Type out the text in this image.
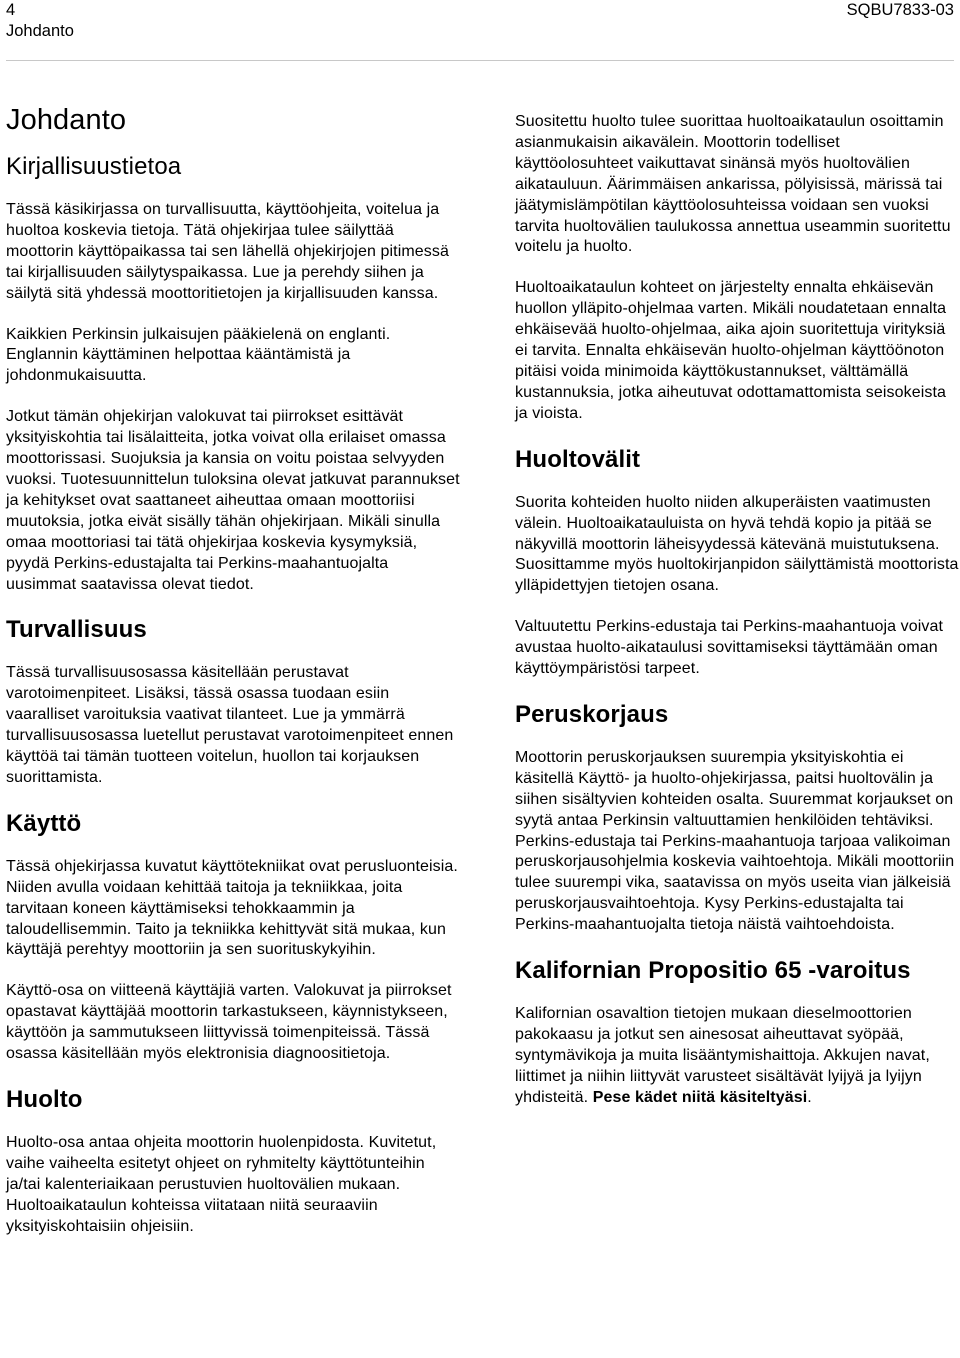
4
Johdanto
SQBU7833-03
Johdanto
Kirjallisuustietoa

Tässä käsikirjassa on turvallisuutta, käyttöohjeita, voitelua ja huoltoa koskevia tietoja. Tätä ohjekirjaa tulee säilyttää moottorin käyttöpaikassa tai sen lähellä ohjekirjojen pitimessä tai kirjallisuuden säilytyspaikassa. Lue ja perehdy siihen ja säilytä sitä yhdessä moottoritietojen ja kirjallisuuden kanssa.

Kaikkien Perkinsin julkaisujen pääkielenä on englanti. Englannin käyttäminen helpottaa kääntämistä ja johdonmukaisuutta.

Jotkut tämän ohjekirjan valokuvat tai piirrokset esittävät yksityiskohtia tai lisälaitteita, jotka voivat olla erilaiset omassa moottorissasi. Suojuksia ja kansia on voitu poistaa selvyyden vuoksi. Tuotesuunnittelun tuloksina olevat jatkuvat parannukset ja kehitykset ovat saattaneet aiheuttaa omaan moottoriisi muutoksia, jotka eivät sisälly tähän ohjekirjaan. Mikäli sinulla omaa moottoriasi tai tätä ohjekirjaa koskevia kysymyksiä, pyydä Perkins-edustajalta tai Perkins-maahantuojalta uusimmat saatavissa olevat tiedot.

Turvallisuus

Tässä turvallisuusosassa käsitellään perustavat varotoimenpiteet. Lisäksi, tässä osassa tuodaan esiin vaaralliset varoituksia vaativat tilanteet. Lue ja ymmärrä turvallisuusosassa luetellut perustavat varotoimenpiteet ennen käyttöä tai tämän tuotteen voitelun, huollon tai korjauksen suorittamista.

Käyttö

Tässä ohjekirjassa kuvatut käyttötekniikat ovat perusluonteisia. Niiden avulla voidaan kehittää taitoja ja tekniikkaa, joita tarvitaan koneen käyttämiseksi tehokkaammin ja taloudellisemmin. Taito ja tekniikka kehittyvät sitä mukaa, kun käyttäjä perehtyy moottoriin ja sen suorituskykyihin.

Käyttö-osa on viitteenä käyttäjiä varten. Valokuvat ja piirrokset opastavat käyttäjää moottorin tarkastukseen, käynnistykseen, käyttöön ja sammutukseen liittyvissä toimenpiteissä. Tässä osassa käsitellään myös elektronisia diagnoositietoja.

Huolto

Huolto-osa antaa ohjeita moottorin huolenpidosta. Kuvitetut, vaihe vaiheelta esitetyt ohjeet on ryhmitelty käyttötunteihin ja/tai kalenteriaikaan perustuvien huoltovälien mukaan. Huoltoaikataulun kohteissa viitataan niitä seuraaviin yksityiskohtaisiin ohjeisiin.

Suositettu huolto tulee suorittaa huoltoaikataulun osoittamin asianmukaisin aikavälein. Moottorin todelliset käyttöolosuhteet vaikuttavat sinänsä myös huoltovälien aikatauluun. Äärimmäisen ankarissa, pölyisissä, märissä tai jäätymislämpötilan käyttöolosuhteissa voidaan sen vuoksi tarvita huoltovälien taulukossa annettua useammin suoritettu voitelu ja huolto.

Huoltoaikataulun kohteet on järjestelty ennalta ehkäisevän huollon ylläpito-ohjelmaa varten. Mikäli noudatetaan ennalta ehkäisevää huolto-ohjelmaa, aika ajoin suoritettuja virityksiä ei tarvita. Ennalta ehkäisevän huolto-ohjelman käyttöönoton pitäisi voida minimoida käyttökustannukset, välttämällä kustannuksia, jotka aiheutuvat odottamattomista seisokeista ja vioista.

Huoltovälit

Suorita kohteiden huolto niiden alkuperäisten vaatimusten välein. Huoltoaikatauluista on hyvä tehdä kopio ja pitää se näkyvillä moottorin läheisyydessä kätevänä muistutuksena. Suosittamme myös huoltokirjanpidon säilyttämistä moottorista ylläpidettyjen tietojen osana.

Valtuutettu Perkins-edustaja tai Perkins-maahantuoja voivat avustaa huolto-aikataulusi sovittamiseksi täyttämään oman käyttöympäristösi tarpeet.

Peruskorjaus

Moottorin peruskorjauksen suurempia yksityiskohtia ei käsitellä Käyttö- ja huolto-ohjekirjassa, paitsi huoltovälin ja siihen sisältyvien kohteiden osalta. Suuremmat korjaukset on syytä antaa Perkinsin valtuuttamien henkilöiden tehtäviksi. Perkins-edustaja tai Perkins-maahantuoja tarjoaa valikoiman peruskorjausohjelmia koskevia vaihtoehtoja. Mikäli moottoriin tulee suurempi vika, saatavissa on myös useita vian jälkeisiä peruskorjausvaihtoehtoja. Kysy Perkins-edustajalta tai Perkins-maahantuojalta tietoja näistä vaihtoehdoista.

Kalifornian Propositio 65 -varoitus

Kalifornian osavaltion tietojen mukaan dieselmoottorien pakokaasu ja jotkut sen ainesosat aiheuttavat syöpää, syntymävikoja ja muita lisääntymishaittoja. Akkujen navat, liittimet ja niihin liittyvät varusteet sisältävät lyijyä ja lyijyn yhdisteitä. Pese kädet niitä käsiteltyäsi.
